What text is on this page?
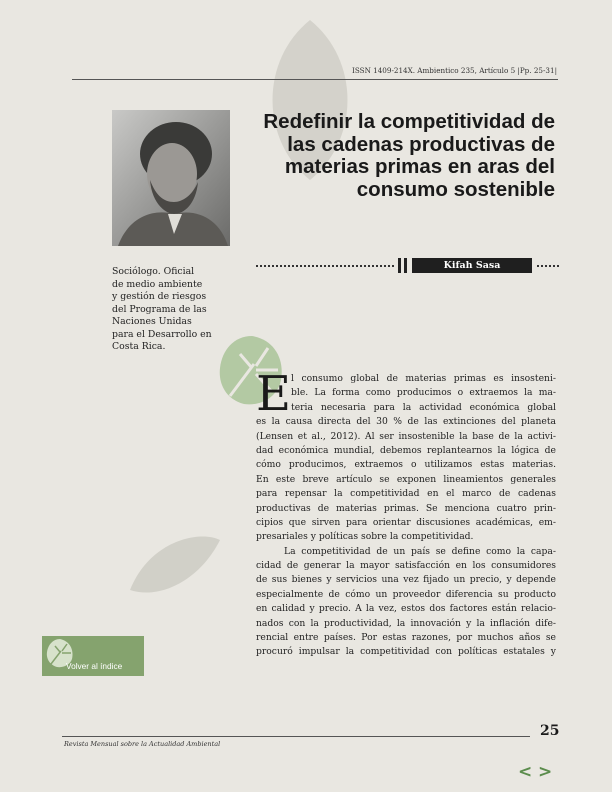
ISSN 1409-214X. Ambientico 235, Artículo 5 |Pp. 25-31|
Redefinir la competitividad de las cadenas productivas de materias primas en aras del consumo sostenible
Kifah Sasa
Sociólogo. Oficial
de medio ambiente
y gestión de riesgos
del Programa de las
Naciones Unidas
para el Desarrollo en
Costa Rica.
E l consumo global de materias primas es insosteni-
ble. La forma como producimos o extraemos la ma-
teria necesaria para la actividad económica global
es la causa directa del 30 % de las extinciones del planeta
(Lensen et al., 2012). Al ser insostenible la base de la activi-
dad económica mundial, debemos replantearnos la lógica de
cómo producimos, extraemos o utilizamos estas materias.
En este breve artículo se exponen lineamientos generales
para repensar la competitividad en el marco de cadenas
productivas de materias primas. Se menciona cuatro prin-
cipios que sirven para orientar discusiones académicas, em-
presariales y políticas sobre la competitividad.
La competitividad de un país se define como la capa-
cidad de generar la mayor satisfacción en los consumidores
de sus bienes y servicios una vez fijado un precio, y depende
especialmente de cómo un proveedor diferencia su producto
en calidad y precio. A la vez, estos dos factores están relacio-
nados con la productividad, la innovación y la inflación dife-
rencial entre países. Por estas razones, por muchos años se
procuró impulsar la competitividad con políticas estatales y
Volver al índice
25
Revista Mensual sobre la Actualidad Ambiental
< >
